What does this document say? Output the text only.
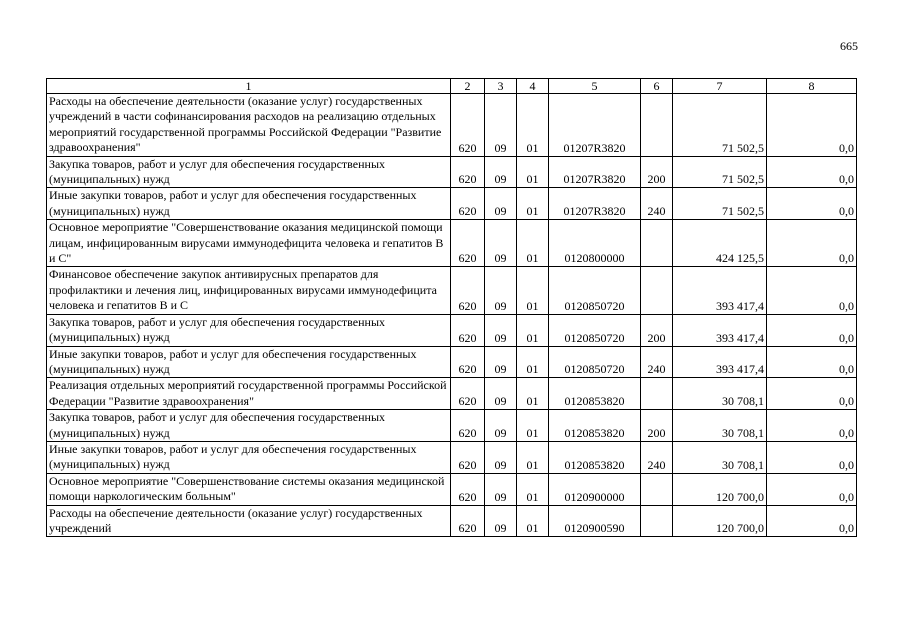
665
1	2	3	4	5	6	7	8
Расходы на обеспечение деятельности (оказание услуг) государственных учреждений в части софинансирования расходов на реализацию отдельных мероприятий государственной программы Российской Федерации "Развитие здравоохранения"	620	09	01	01207R3820		71 502,5	0,0
Закупка товаров, работ и услуг для обеспечения государственных (муниципальных) нужд	620	09	01	01207R3820	200	71 502,5	0,0
Иные закупки товаров, работ и услуг для обеспечения государственных (муниципальных) нужд	620	09	01	01207R3820	240	71 502,5	0,0
Основное мероприятие "Совершенствование оказания медицинской помощи лицам, инфицированным вирусами иммунодефицита человека и гепатитов В и С"	620	09	01	0120800000		424 125,5	0,0
Финансовое обеспечение закупок антивирусных препаратов для профилактики и лечения лиц, инфицированных вирусами иммунодефицита человека и гепатитов В и С	620	09	01	0120850720		393 417,4	0,0
Закупка товаров, работ и услуг для обеспечения государственных (муниципальных) нужд	620	09	01	0120850720	200	393 417,4	0,0
Иные закупки товаров, работ и услуг для обеспечения государственных (муниципальных) нужд	620	09	01	0120850720	240	393 417,4	0,0
Реализация отдельных мероприятий государственной программы Российской Федерации "Развитие здравоохранения"	620	09	01	0120853820		30 708,1	0,0
Закупка товаров, работ и услуг для обеспечения государственных (муниципальных) нужд	620	09	01	0120853820	200	30 708,1	0,0
Иные закупки товаров, работ и услуг для обеспечения государственных (муниципальных) нужд	620	09	01	0120853820	240	30 708,1	0,0
Основное мероприятие "Совершенствование системы оказания медицинской помощи наркологическим больным"	620	09	01	0120900000		120 700,0	0,0
Расходы на обеспечение деятельности (оказание услуг) государственных учреждений	620	09	01	0120900590		120 700,0	0,0
